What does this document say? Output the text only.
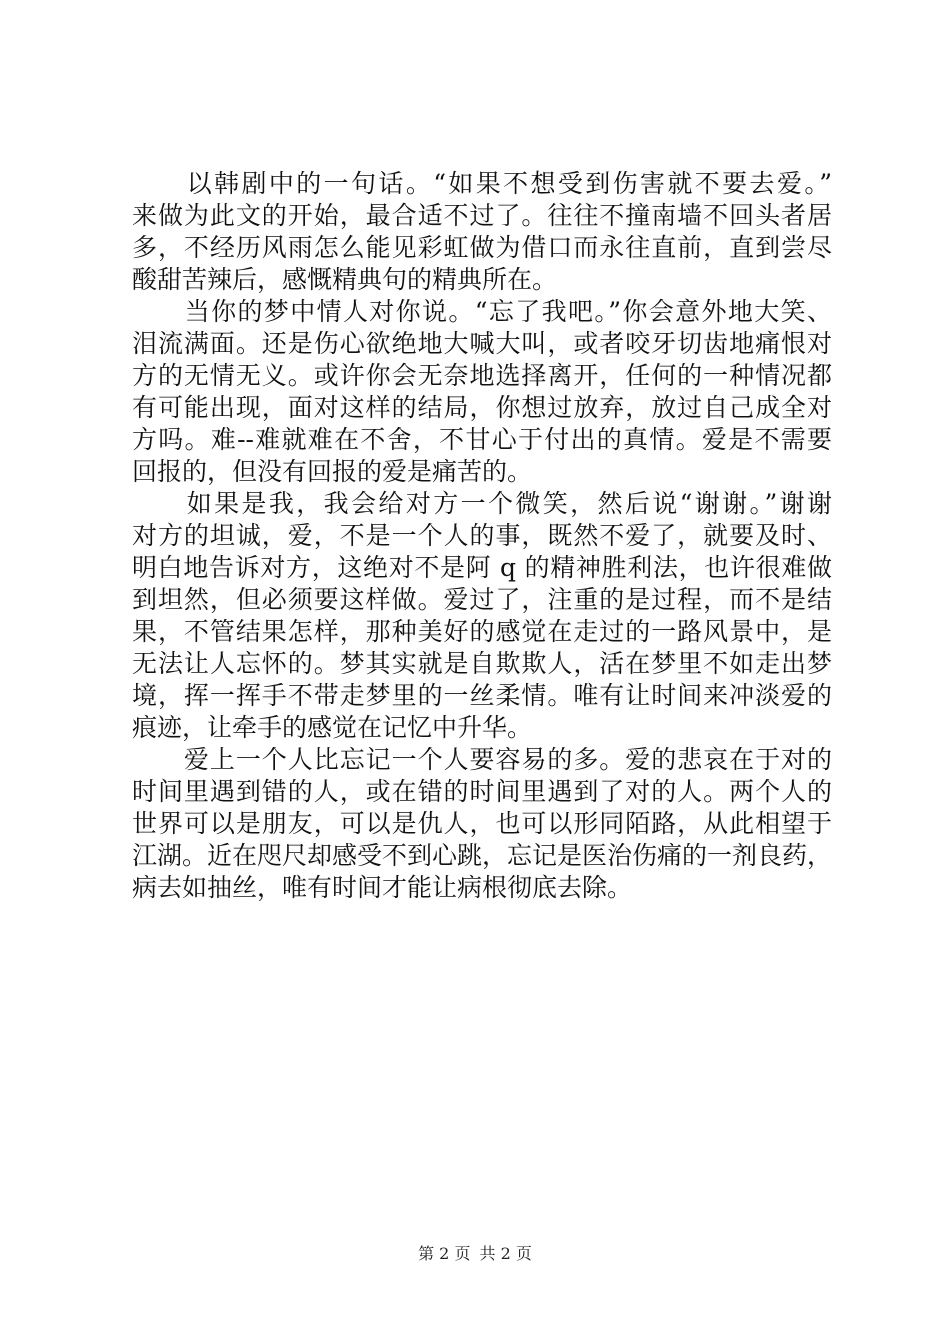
　　以韩剧中的一句话。“如果不想受到伤害就不要去爱。”
来做为此文的开始，最合适不过了。往往不撞南墙不回头者居
多，不经历风雨怎么能见彩虹做为借口而永往直前，直到尝尽
酸甜苦辣后，感慨精典句的精典所在。
　　当你的梦中情人对你说。“忘了我吧。”你会意外地大笑、
泪流满面。还是伤心欲绝地大喊大叫，或者咬牙切齿地痛恨对
方的无情无义。或许你会无奈地选择离开，任何的一种情况都
有可能出现，面对这样的结局，你想过放弃，放过自己成全对
方吗。难--难就难在不舍，不甘心于付出的真情。爱是不需要
回报的，但没有回报的爱是痛苦的。
　　如果是我，我会给对方一个微笑，然后说“谢谢。”谢谢
对方的坦诚，爱，不是一个人的事，既然不爱了，就要及时、
明白地告诉对方，这绝对不是阿 q 的精神胜利法，也许很难做
到坦然，但必须要这样做。爱过了，注重的是过程，而不是结
果，不管结果怎样，那种美好的感觉在走过的一路风景中，是
无法让人忘怀的。梦其实就是自欺欺人，活在梦里不如走出梦
境，挥一挥手不带走梦里的一丝柔情。唯有让时间来冲淡爱的
痕迹，让牵手的感觉在记忆中升华。
　　爱上一个人比忘记一个人要容易的多。爱的悲哀在于对的
时间里遇到错的人，或在错的时间里遇到了对的人。两个人的
世界可以是朋友，可以是仇人，也可以形同陌路，从此相望于
江湖。近在咫尺却感受不到心跳，忘记是医治伤痛的一剂良药，
病去如抽丝，唯有时间才能让病根彻底去除。
第 2 页 共 2 页
